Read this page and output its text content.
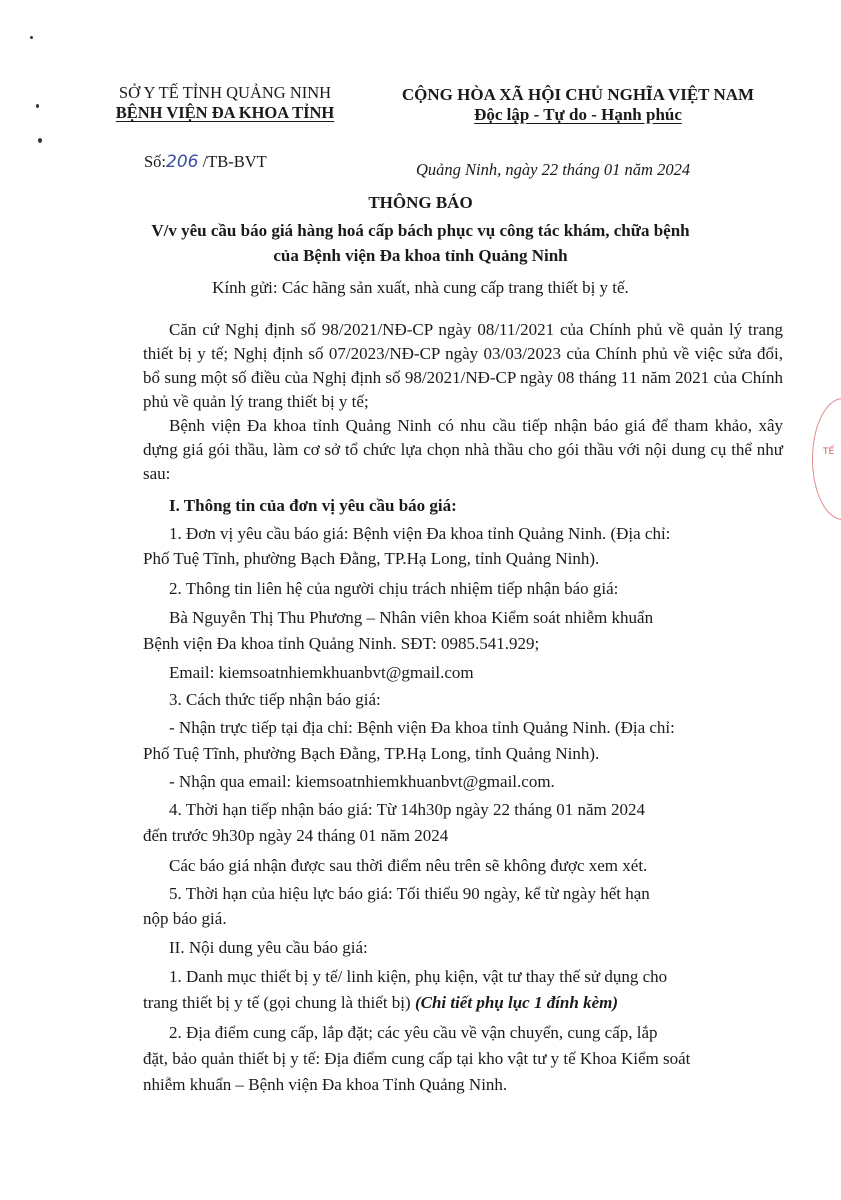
SỞ Y TẾ TỈNH QUẢNG NINH
BỆNH VIỆN ĐA KHOA TỈNH
CỘNG HÒA XÃ HỘI CHỦ NGHĨA VIỆT NAM
Độc lập - Tự do - Hạnh phúc
Số:206 /TB-BVT	Quảng Ninh, ngày 22 tháng 01 năm 2024
THÔNG BÁO
V/v yêu cầu báo giá hàng hoá cấp bách phục vụ công tác khám, chữa bệnh
của Bệnh viện Đa khoa tỉnh Quảng Ninh
Kính gửi: Các hãng sản xuất, nhà cung cấp trang thiết bị y tế.
Căn cứ Nghị định số 98/2021/NĐ-CP ngày 08/11/2021 của Chính phủ về quản lý trang thiết bị y tế; Nghị định số 07/2023/NĐ-CP ngày 03/03/2023 của Chính phủ về việc sửa đổi, bổ sung một số điều của Nghị định số 98/2021/NĐ-CP ngày 08 tháng 11 năm 2021 của Chính phủ về quản lý trang thiết bị y tế;
Bệnh viện Đa khoa tỉnh Quảng Ninh có nhu cầu tiếp nhận báo giá để tham khảo, xây dựng giá gói thầu, làm cơ sở tổ chức lựa chọn nhà thầu cho gói thầu với nội dung cụ thể như sau:
I. Thông tin của đơn vị yêu cầu báo giá:
1. Đơn vị yêu cầu báo giá: Bệnh viện Đa khoa tỉnh Quảng Ninh. (Địa chỉ:
Phố Tuệ Tĩnh, phường Bạch Đằng, TP.Hạ Long, tỉnh Quảng Ninh).
2. Thông tin liên hệ của người chịu trách nhiệm tiếp nhận báo giá:
Bà Nguyễn Thị Thu Phương – Nhân viên khoa Kiểm soát nhiễm khuẩn
Bệnh viện Đa khoa tỉnh Quảng Ninh. SĐT: 0985.541.929;
Email: kiemsoatnhiemkhuanbvt@gmail.com
3. Cách thức tiếp nhận báo giá:
- Nhận trực tiếp tại địa chỉ: Bệnh viện Đa khoa tỉnh Quảng Ninh. (Địa chỉ:
Phố Tuệ Tĩnh, phường Bạch Đằng, TP.Hạ Long, tỉnh Quảng Ninh).
- Nhận qua email: kiemsoatnhiemkhuanbvt@gmail.com.
4. Thời hạn tiếp nhận báo giá: Từ 14h30p ngày 22 tháng 01 năm 2024
đến trước 9h30p ngày 24 tháng 01 năm 2024
Các báo giá nhận được sau thời điểm nêu trên sẽ không được xem xét.
5. Thời hạn của hiệu lực báo giá: Tối thiểu 90 ngày, kể từ ngày hết hạn
nộp báo giá.
II. Nội dung yêu cầu báo giá:
1. Danh mục thiết bị y tế/ linh kiện, phụ kiện, vật tư thay thế sử dụng cho
trang thiết bị y tế (gọi chung là thiết bị) (Chi tiết phụ lục 1 đính kèm)
2. Địa điểm cung cấp, lắp đặt; các yêu cầu về vận chuyển, cung cấp, lắp
đặt, bảo quản thiết bị y tế: Địa điểm cung cấp tại kho vật tư y tế Khoa Kiểm soát
nhiễm khuẩn – Bệnh viện Đa khoa Tỉnh Quảng Ninh.
TẾ
